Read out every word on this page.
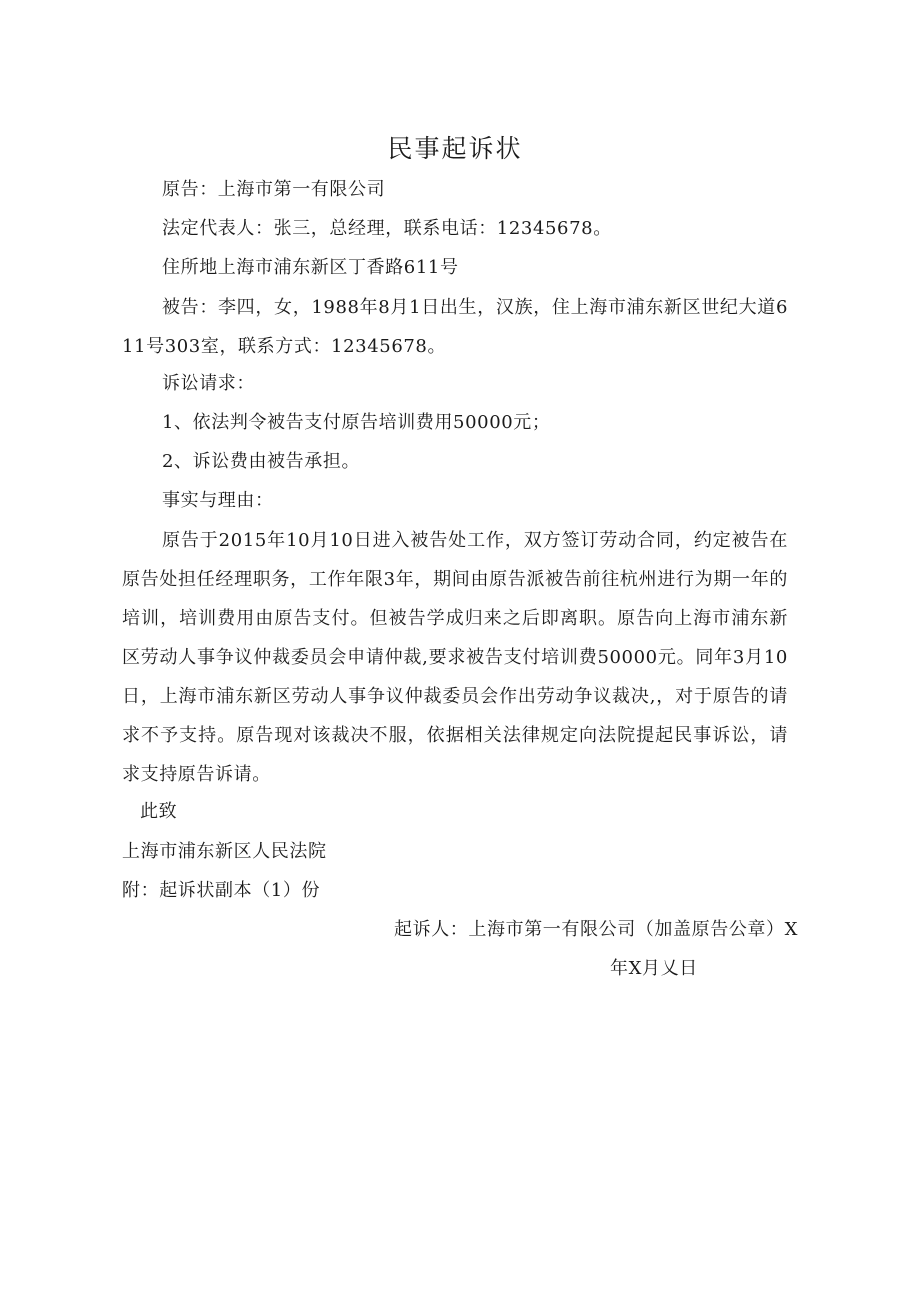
民事起诉状
原告：上海市第一有限公司
法定代表人：张三，总经理，联系电话：12345678。
住所地上海市浦东新区丁香路611号
被告：李四，女，1988年8月1日出生，汉族，住上海市浦东新区世纪大道611号303室，联系方式：12345678。
诉讼请求：
1、依法判令被告支付原告培训费用50000元；
2、诉讼费由被告承担。
事实与理由：
原告于2015年10月10日进入被告处工作，双方签订劳动合同，约定被告在原告处担任经理职务，工作年限3年，期间由原告派被告前往杭州进行为期一年的培训，培训费用由原告支付。但被告学成归来之后即离职。原告向上海市浦东新区劳动人事争议仲裁委员会申请仲裁,要求被告支付培训费50000元。同年3月10日，上海市浦东新区劳动人事争议仲裁委员会作出劳动争议裁决,，对于原告的请求不予支持。原告现对该裁决不服，依据相关法律规定向法院提起民事诉讼，请求支持原告诉请。
此致
上海市浦东新区人民法院
附：起诉状副本（1）份
起诉人：上海市第一有限公司（加盖原告公章）X
年X月乂日
